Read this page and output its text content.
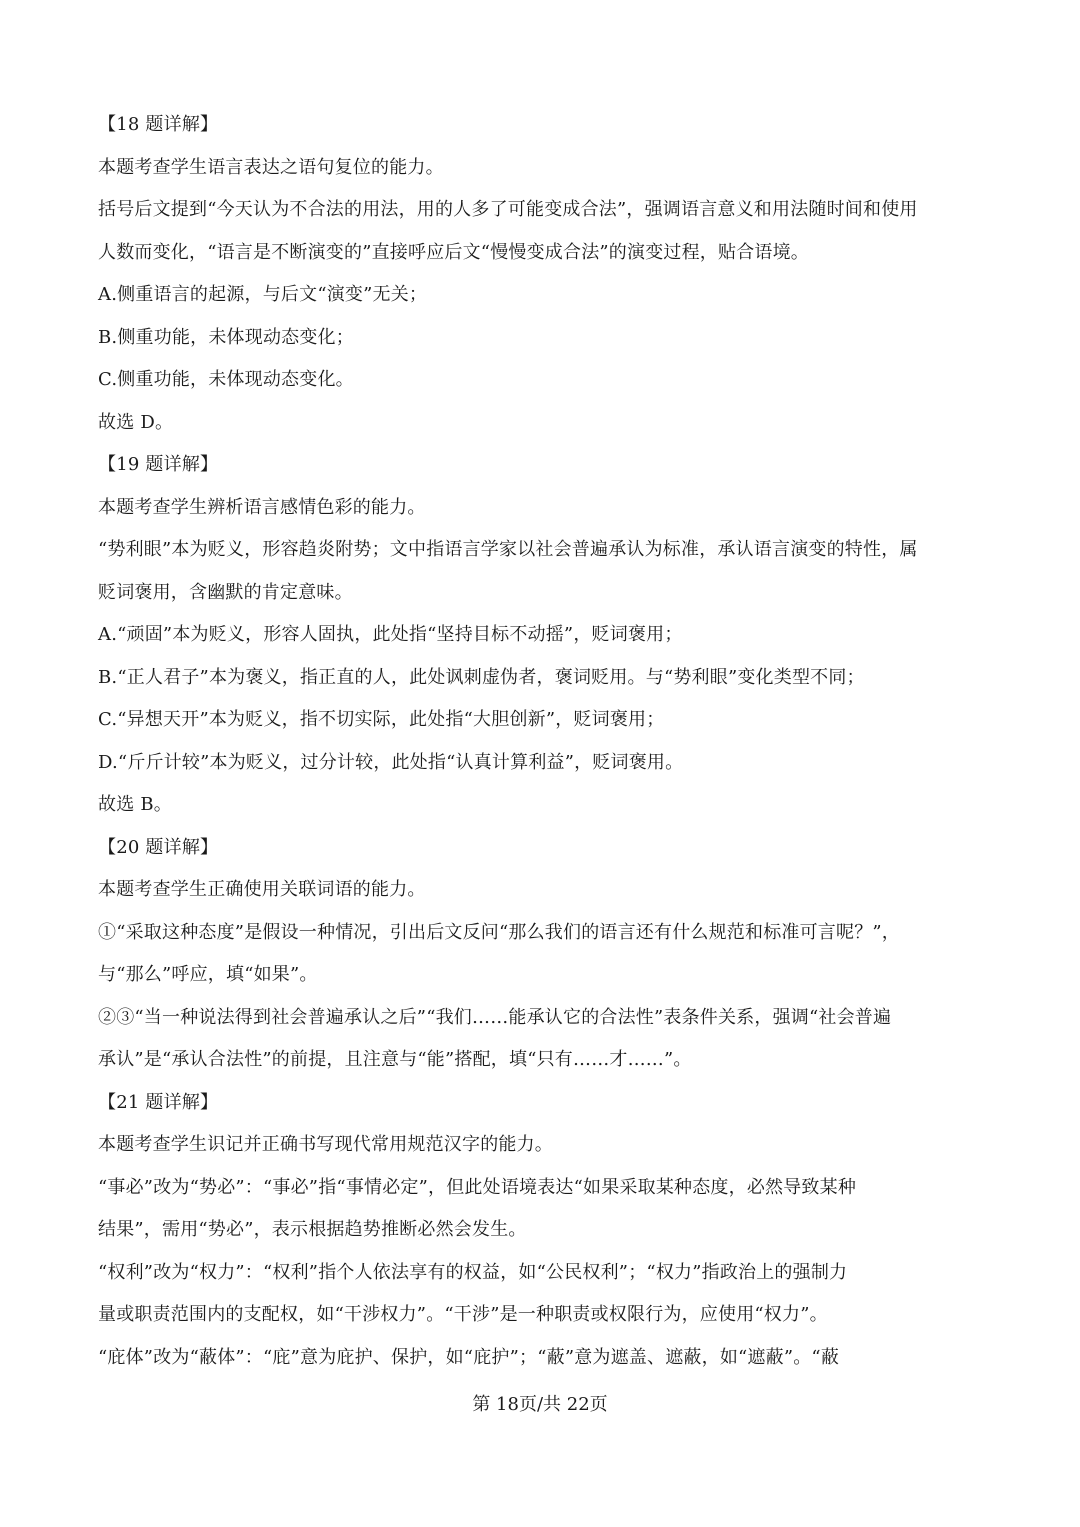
【18 题详解】
本题考查学生语言表达之语句复位的能力。
括号后文提到“今天认为不合法的用法，用的人多了可能变成合法”，强调语言意义和用法随时间和使用
人数而变化，“语言是不断演变的”直接呼应后文“慢慢变成合法”的演变过程，贴合语境。
A.侧重语言的起源，与后文“演变”无关；
B.侧重功能，未体现动态变化；
C.侧重功能，未体现动态变化。
故选 D。
【19 题详解】
本题考查学生辨析语言感情色彩的能力。
“势利眼”本为贬义，形容趋炎附势；文中指语言学家以社会普遍承认为标准，承认语言演变的特性，属
贬词褒用，含幽默的肯定意味。
A.“顽固”本为贬义，形容人固执，此处指“坚持目标不动摇”，贬词褒用；
B.“正人君子”本为褒义，指正直的人，此处讽刺虚伪者，褒词贬用。与“势利眼”变化类型不同；
C.“异想天开”本为贬义，指不切实际，此处指“大胆创新”，贬词褒用；
D.“斤斤计较”本为贬义，过分计较，此处指“认真计算利益”，贬词褒用。
故选 B。
【20 题详解】
本题考查学生正确使用关联词语的能力。
①“采取这种态度”是假设一种情况，引出后文反问“那么我们的语言还有什么规范和标准可言呢？”，
与“那么”呼应，填“如果”。
②③“当一种说法得到社会普遍承认之后”“我们……能承认它的合法性”表条件关系，强调“社会普遍
承认”是“承认合法性”的前提，且注意与“能”搭配，填“只有……才……”。
【21 题详解】
本题考查学生识记并正确书写现代常用规范汉字的能力。
“事必”改为“势必”：“事必”指“事情必定”，但此处语境表达“如果采取某种态度，必然导致某种
结果”，需用“势必”，表示根据趋势推断必然会发生。
“权利”改为“权力”：“权利”指个人依法享有的权益，如“公民权利”；“权力”指政治上的强制力
量或职责范围内的支配权，如“干涉权力”。“干涉”是一种职责或权限行为，应使用“权力”。
“庇体”改为“蔽体”：“庇”意为庇护、保护，如“庇护”；“蔽”意为遮盖、遮蔽，如“遮蔽”。“蔽
第 18页/共 22页
